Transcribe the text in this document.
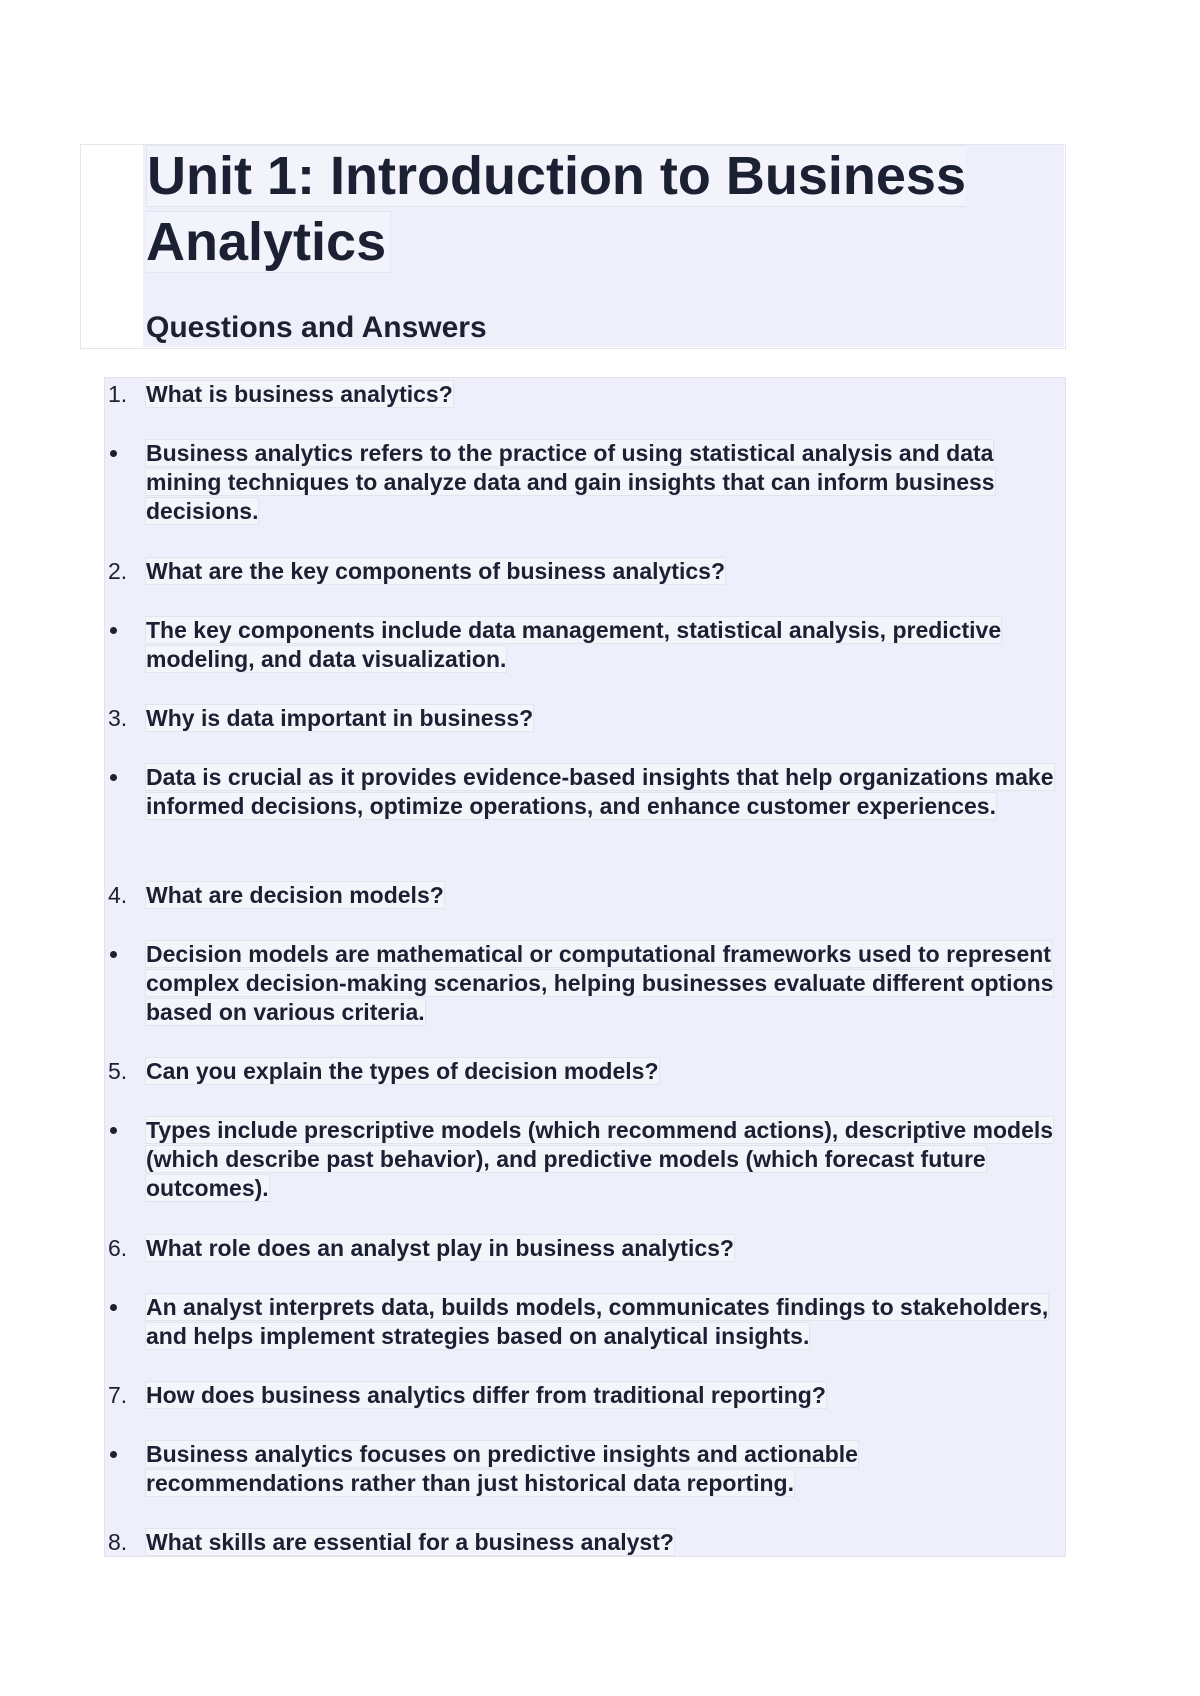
Unit 1: Introduction to Business Analytics
Questions and Answers
1. What is business analytics?
Business analytics refers to the practice of using statistical analysis and data mining techniques to analyze data and gain insights that can inform business decisions.
2. What are the key components of business analytics?
The key components include data management, statistical analysis, predictive modeling, and data visualization.
3. Why is data important in business?
Data is crucial as it provides evidence-based insights that help organizations make informed decisions, optimize operations, and enhance customer experiences.
4. What are decision models?
Decision models are mathematical or computational frameworks used to represent complex decision-making scenarios, helping businesses evaluate different options based on various criteria.
5. Can you explain the types of decision models?
Types include prescriptive models (which recommend actions), descriptive models (which describe past behavior), and predictive models (which forecast future outcomes).
6. What role does an analyst play in business analytics?
An analyst interprets data, builds models, communicates findings to stakeholders, and helps implement strategies based on analytical insights.
7. How does business analytics differ from traditional reporting?
Business analytics focuses on predictive insights and actionable recommendations rather than just historical data reporting.
8. What skills are essential for a business analyst?
